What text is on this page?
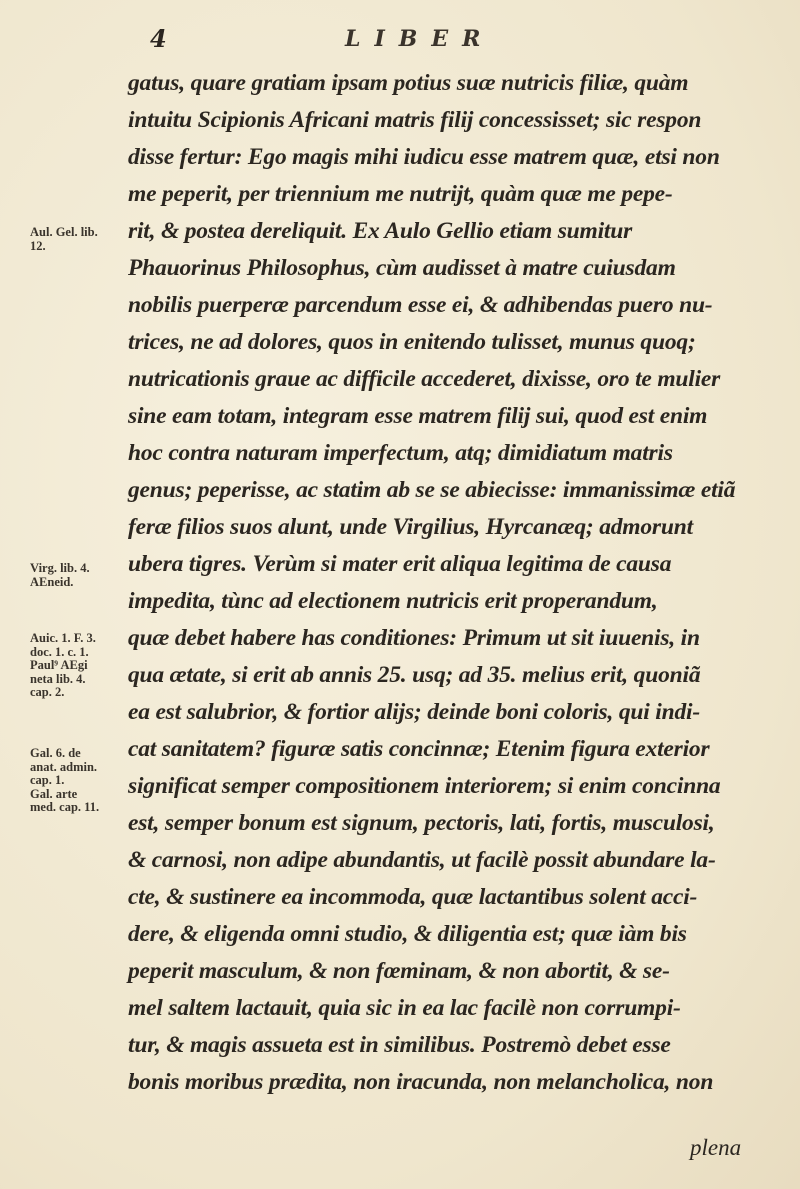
4	LIBER
Aul. Gel. lib.
12.
Virg. lib. 4.
AEneid.
Auic. 1. F. 3.
doc. 1. c. 1.
Paul⁹ AEgi
neta lib. 4.
cap. 2.
Gal. 6. de
anat. admin.
cap. 1.
Gal. arte
med. cap. 11.
gatus, quare gratiam ipsam potius suæ nutricis filiæ, quàm
intuitu Scipionis Africani matris filij concessisset; sic respon
disse fertur: Ego magis mihi iudicu esse matrem quæ, etsi non
me peperit, per triennium me nutrijt, quàm quæ me pepe-
rit, & postea dereliquit. Ex Aulo Gellio etiam sumitur
Phauorinus Philosophus, cùm audisset à matre cuiusdam
nobilis puerperæ parcendum esse ei, & adhibendas puero nu-
trices, ne ad dolores, quos in enitendo tulisset, munus quoq;
nutricationis graue ac difficile accederet, dixisse, oro te mulier
sine eam totam, integram esse matrem filij sui, quod est enim
hoc contra naturam imperfectum, atq; dimidiatum matris
genus; peperisse, ac statim ab se se abiecisse: immanissimæ etiã
feræ filios suos alunt, unde Virgilius, Hyrcanæq; admorunt
ubera tigres. Verùm si mater erit aliqua legitima de causa
impedita, tùnc ad electionem nutricis erit properandum,
quæ debet habere has conditiones: Primum ut sit iuuenis, in
qua ætate, si erit ab annis 25. usq; ad 35. melius erit, quoniã
ea est salubrior, & fortior alijs; deinde boni coloris, qui indi-
cat sanitatem? figuræ satis concinnæ; Etenim figura exterior
significat semper compositionem interiorem; si enim concinna
est, semper bonum est signum, pectoris, lati, fortis, musculosi,
& carnosi, non adipe abundantis, ut facilè possit abundare la-
cte, & sustinere ea incommoda, quæ lactantibus solent acci-
dere, & eligenda omni studio, & diligentia est; quæ iàm bis
peperit masculum, & non fœminam, & non abortit, & se-
mel saltem lactauit, quia sic in ea lac facilè non corrumpi-
tur, & magis assueta est in similibus. Postremò debet esse
bonis moribus prædita, non iracunda, non melancholica, non
plena
